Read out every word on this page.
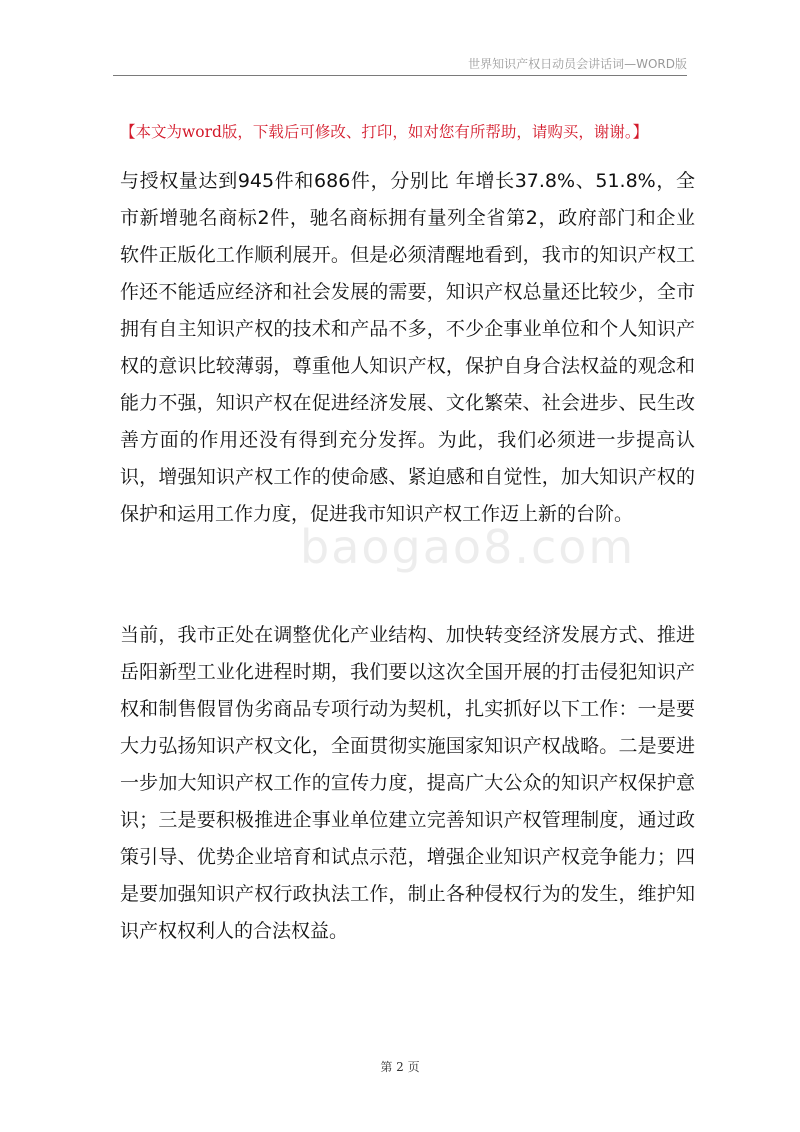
世界知识产权日动员会讲话词—WORD版
【本文为word版，下载后可修改、打印，如对您有所帮助，请购买，谢谢。】

与授权量达到945件和686件，分别比 年增长37.8%、51.8%，全市新增驰名商标2件，驰名商标拥有量列全省第2，政府部门和企业软件正版化工作顺利展开。但是必须清醒地看到，我市的知识产权工作还不能适应经济和社会发展的需要，知识产权总量还比较少，全市拥有自主知识产权的技术和产品不多，不少企事业单位和个人知识产权的意识比较薄弱，尊重他人知识产权，保护自身合法权益的观念和能力不强，知识产权在促进经济发展、文化繁荣、社会进步、民生改善方面的作用还没有得到充分发挥。为此，我们必须进一步提高认识，增强知识产权工作的使命感、紧迫感和自觉性，加大知识产权的保护和运用工作力度，促进我市知识产权工作迈上新的台阶。

当前，我市正处在调整优化产业结构、加快转变经济发展方式、推进岳阳新型工业化进程时期，我们要以这次全国开展的打击侵犯知识产权和制售假冒伪劣商品专项行动为契机，扎实抓好以下工作：一是要大力弘扬知识产权文化，全面贯彻实施国家知识产权战略。二是要进一步加大知识产权工作的宣传力度，提高广大公众的知识产权保护意识；三是要积极推进企事业单位建立完善知识产权管理制度，通过政策引导、优势企业培育和试点示范，增强企业知识产权竞争能力；四是要加强知识产权行政执法工作，制止各种侵权行为的发生，维护知识产权权利人的合法权益。

baogao8.com
第 2 页
